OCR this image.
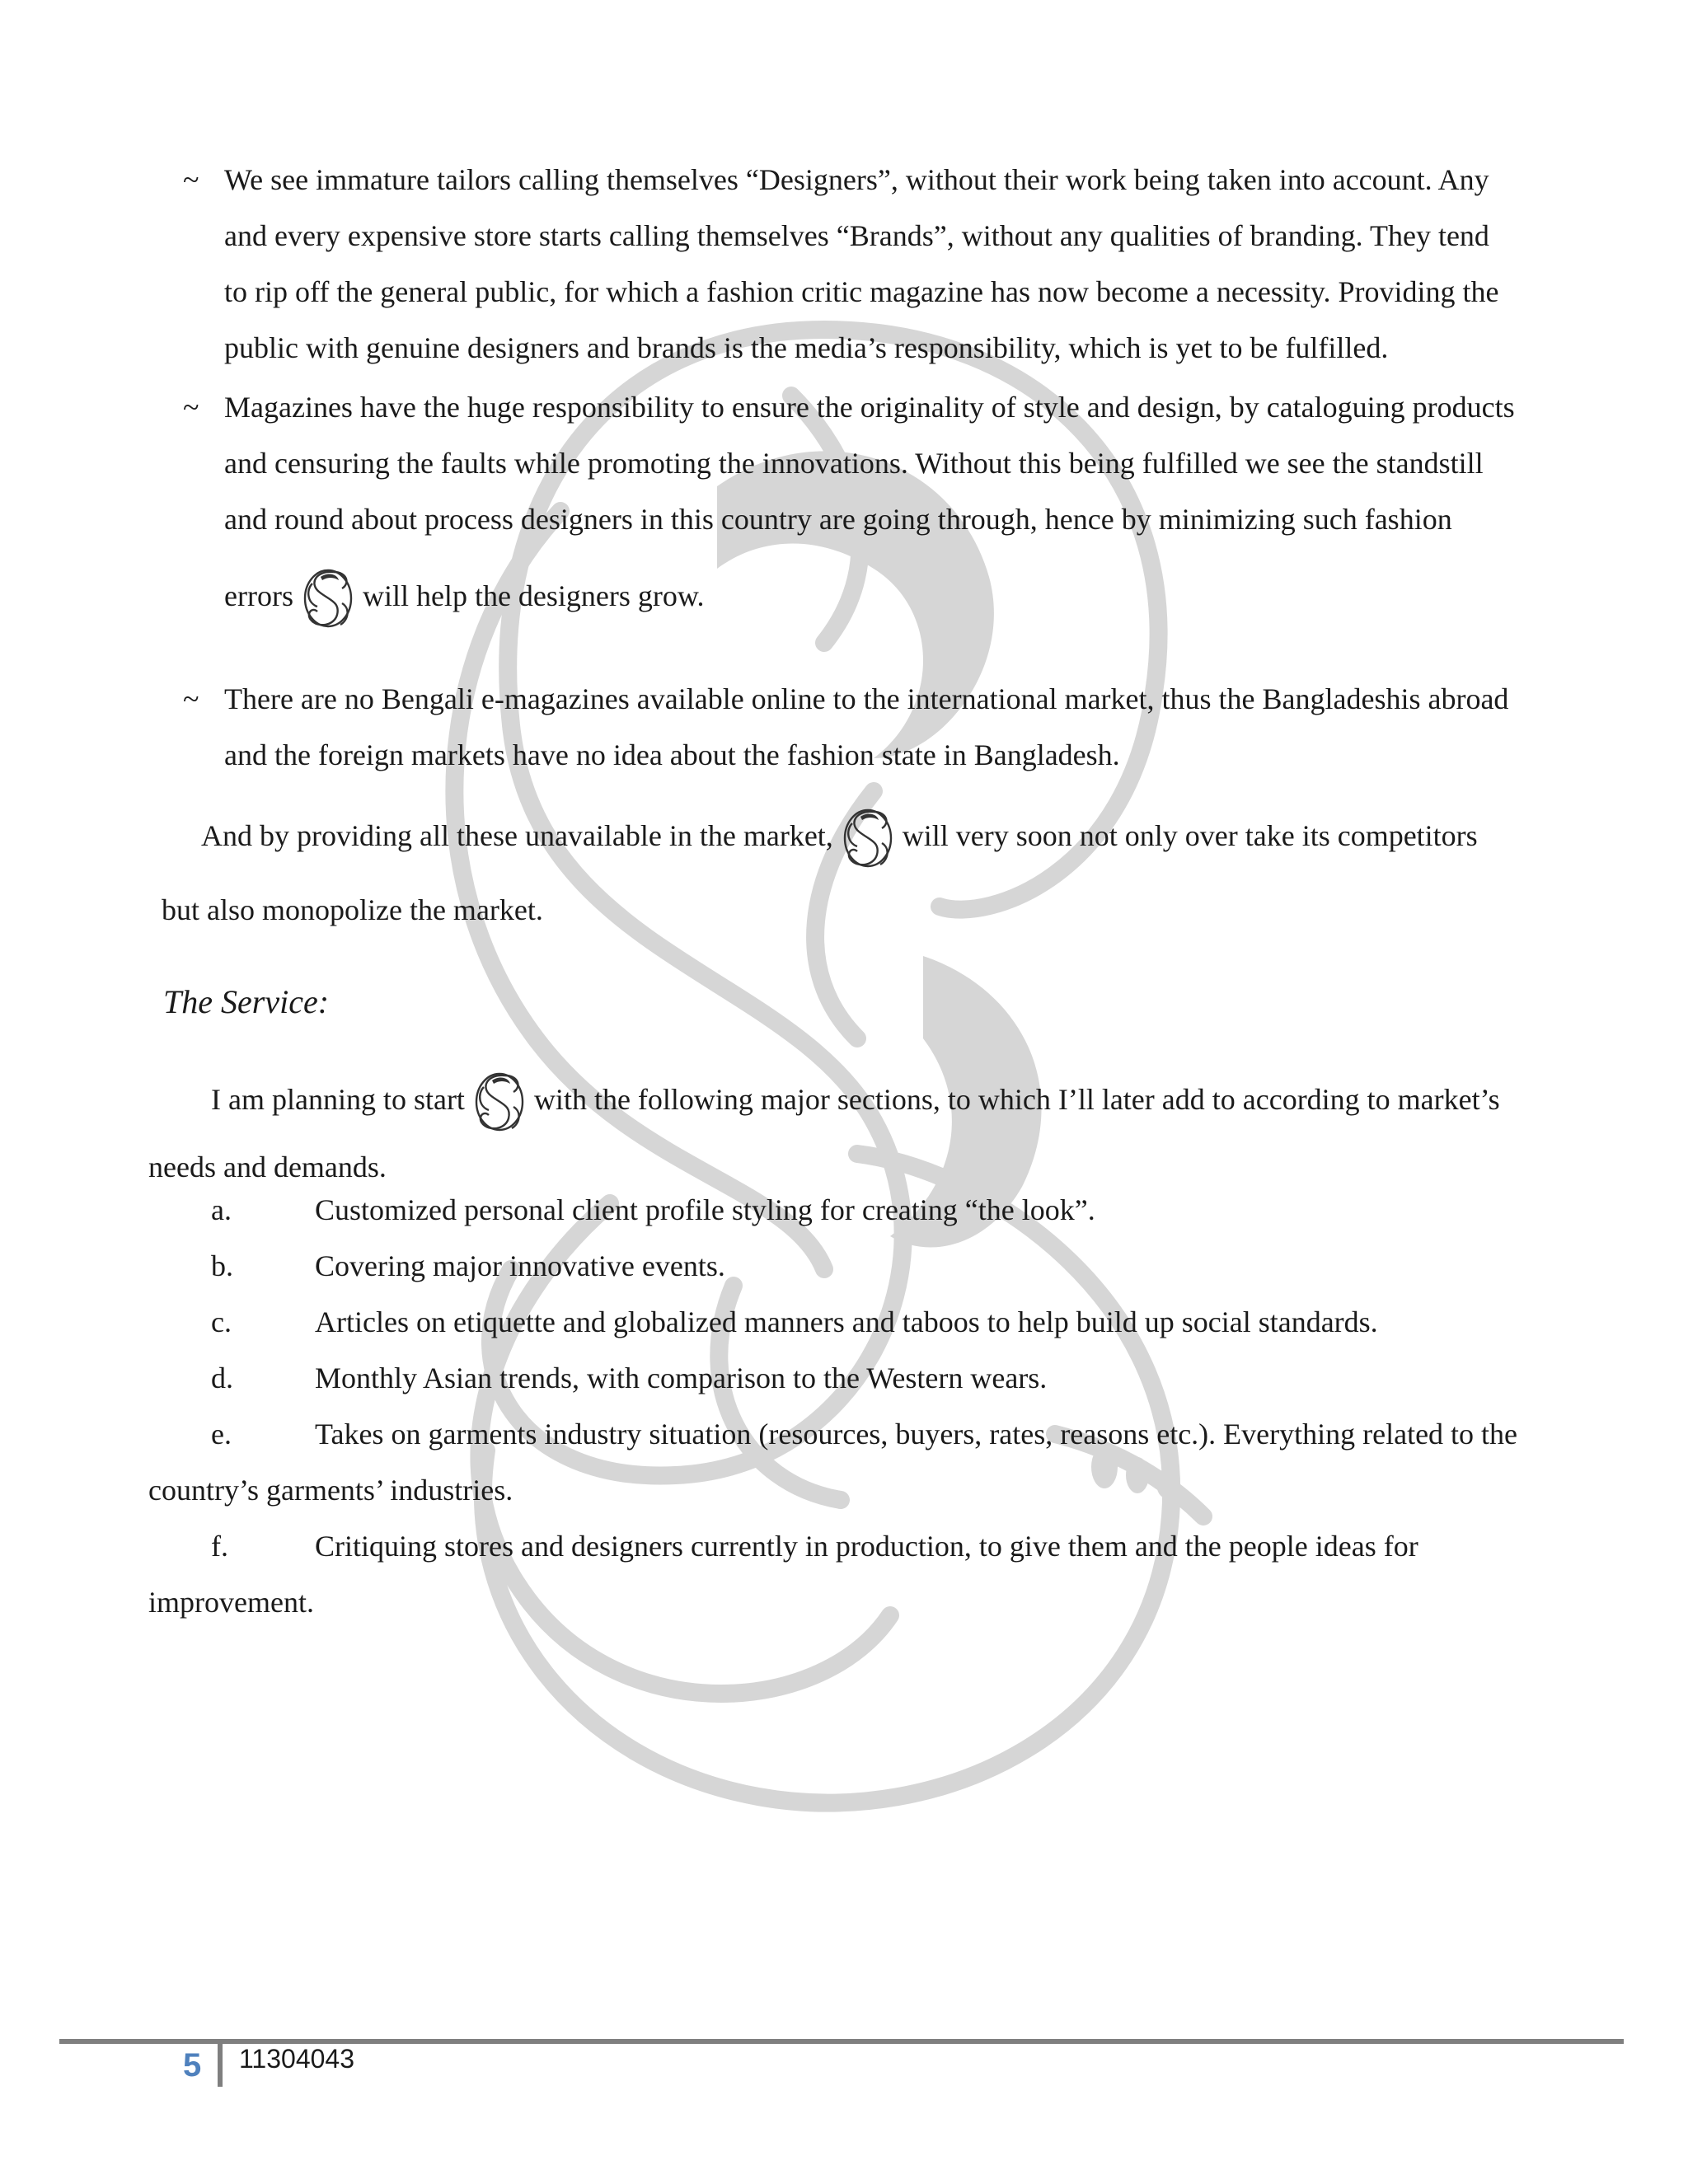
~ We see immature tailors calling themselves “Designers”, without their work being taken into account. Any
and every expensive store starts calling themselves “Brands”, without any qualities of branding. They tend
to rip off the general public, for which a fashion critic magazine has now become a necessity. Providing the
public with genuine designers and brands is the media’s responsibility, which is yet to be fulfilled.
~ Magazines have the huge responsibility to ensure the originality of style and design, by cataloguing products
and censuring the faults while promoting the innovations. Without this being fulfilled we see the standstill
and round about process designers in this country are going through, hence by minimizing such fashion
errors will help the designers grow.
~ There are no Bengali e-magazines available online to the international market, thus the Bangladeshis abroad
and the foreign markets have no idea about the fashion state in Bangladesh.
And by providing all these unavailable in the market, will very soon not only over take its competitors
but also monopolize the market.
The Service:
I am planning to start with the following major sections, to which I’ll later add to according to market’s
needs and demands.
a.	Customized personal client profile styling for creating “the look”.
b.	Covering major innovative events.
c.	Articles on etiquette and globalized manners and taboos to help build up social standards.
d.	Monthly Asian trends, with comparison to the Western wears.
e.	Takes on garments industry situation (resources, buyers, rates, reasons etc.). Everything related to the
country’s garments’ industries.
f.	Critiquing stores and designers currently in production, to give them and the people ideas for
improvement.
5 11304043
